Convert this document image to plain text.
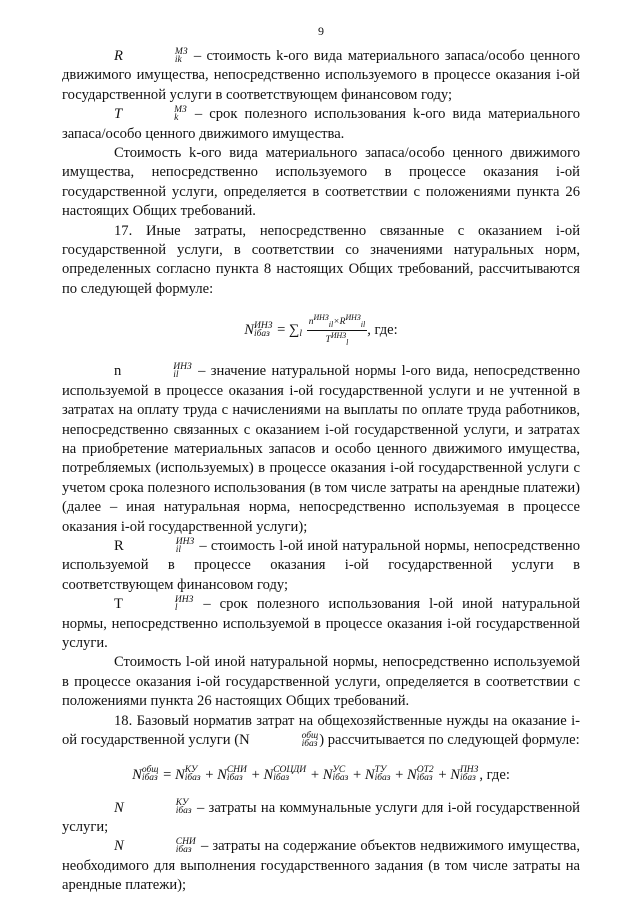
9

R	МЗ
ik – стоимость k-ого вида материального запаса/особо ценного движимого имущества, непосредственно используемого в процессе оказания i-ой государственной услуги в соответствующем финансовом году;

T	МЗ
k	– срок полезного использования k-ого вида материального запаса/особо ценного движимого имущества.

Стоимость k-ого вида материального запаса/особо ценного движимого имущества, непосредственно используемого в процессе оказания i-ой государственной услуги, определяется в соответствии с положениями пункта 26 настоящих Общих требований.

17. Иные затраты, непосредственно связанные с оказанием i-ой государственной услуги, в соответствии со значениями натуральных норм, определенных согласно пункта 8 настоящих Общих требований, рассчитываются по следующей формуле:

N ИНЗ
iбаз = ∑
l
$\frac{n^{ИНЗ}_{il}\times R^{ИНЗ}_{il}}{T^{ИНЗ}_l}$ , где:

n	ИНЗ
il	– значение натуральной нормы l-ого вида, непосредственно используемой в процессе оказания i-ой государственной услуги и не учтенной в затратах на оплату труда с начислениями на выплаты по оплате труда работников, непосредственно связанных с оказанием i-ой государственной услуги, и затратах на приобретение материальных запасов и особо ценного движимого имущества, потребляемых (используемых) в процессе оказания i-ой государственной услуги с учетом срока полезного использования (в том числе затраты на арендные платежи) (далее – иная натуральная норма, непосредственно используемая в процессе оказания i-ой государственной услуги);

R	ИНЗ
il	– стоимость l-ой иной натуральной нормы, непосредственно используемой в процессе оказания i-ой государственной услуги в соответствующем финансовом году;

T	ИНЗ
l	– срок полезного использования l-ой иной натуральной нормы, непосредственно используемой в процессе оказания i-ой государственной услуги.

Стоимость l-ой иной натуральной нормы, непосредственно используемой в процессе оказания i-ой государственной услуги, определяется в соответствии с положениями пункта 26 настоящих Общих требований.

18. Базовый норматив затрат на общехозяйственные нужды на оказание i-ой государственной услуги (N	общ
iбаз ) рассчитывается по следующей формуле:

N общ
iбаз = N КУ
iбаз + N СНИ
iбаз + N СОЦДИ
iбаз	+ N УС
iбаз + N ТУ
iбаз + N ОТ2
iбаз + N ПНЗ
iбаз , где:

N	КУ
iбаз – затраты на коммунальные услуги для i-ой государственной услуги;

N	СНИ
iбаз – затраты на содержание объектов недвижимого имущества, необходимого для выполнения государственного задания (в том числе затраты на арендные платежи);
